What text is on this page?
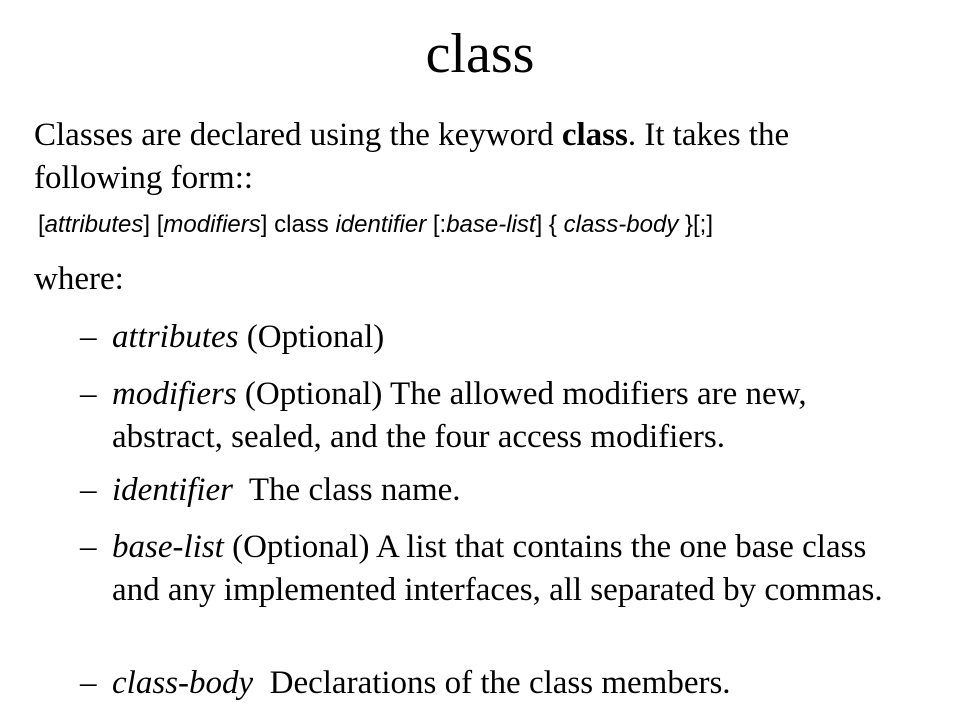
class
Classes are declared using the keyword class. It takes the following form::
[attributes] [modifiers] class identifier [:base-list] { class-body }[;]
where:
– attributes (Optional)
– modifiers (Optional) The allowed modifiers are new, abstract, sealed, and the four access modifiers.
– identifier  The class name.
– base-list (Optional) A list that contains the one base class and any implemented interfaces, all separated by commas.
– class-body  Declarations of the class members.
